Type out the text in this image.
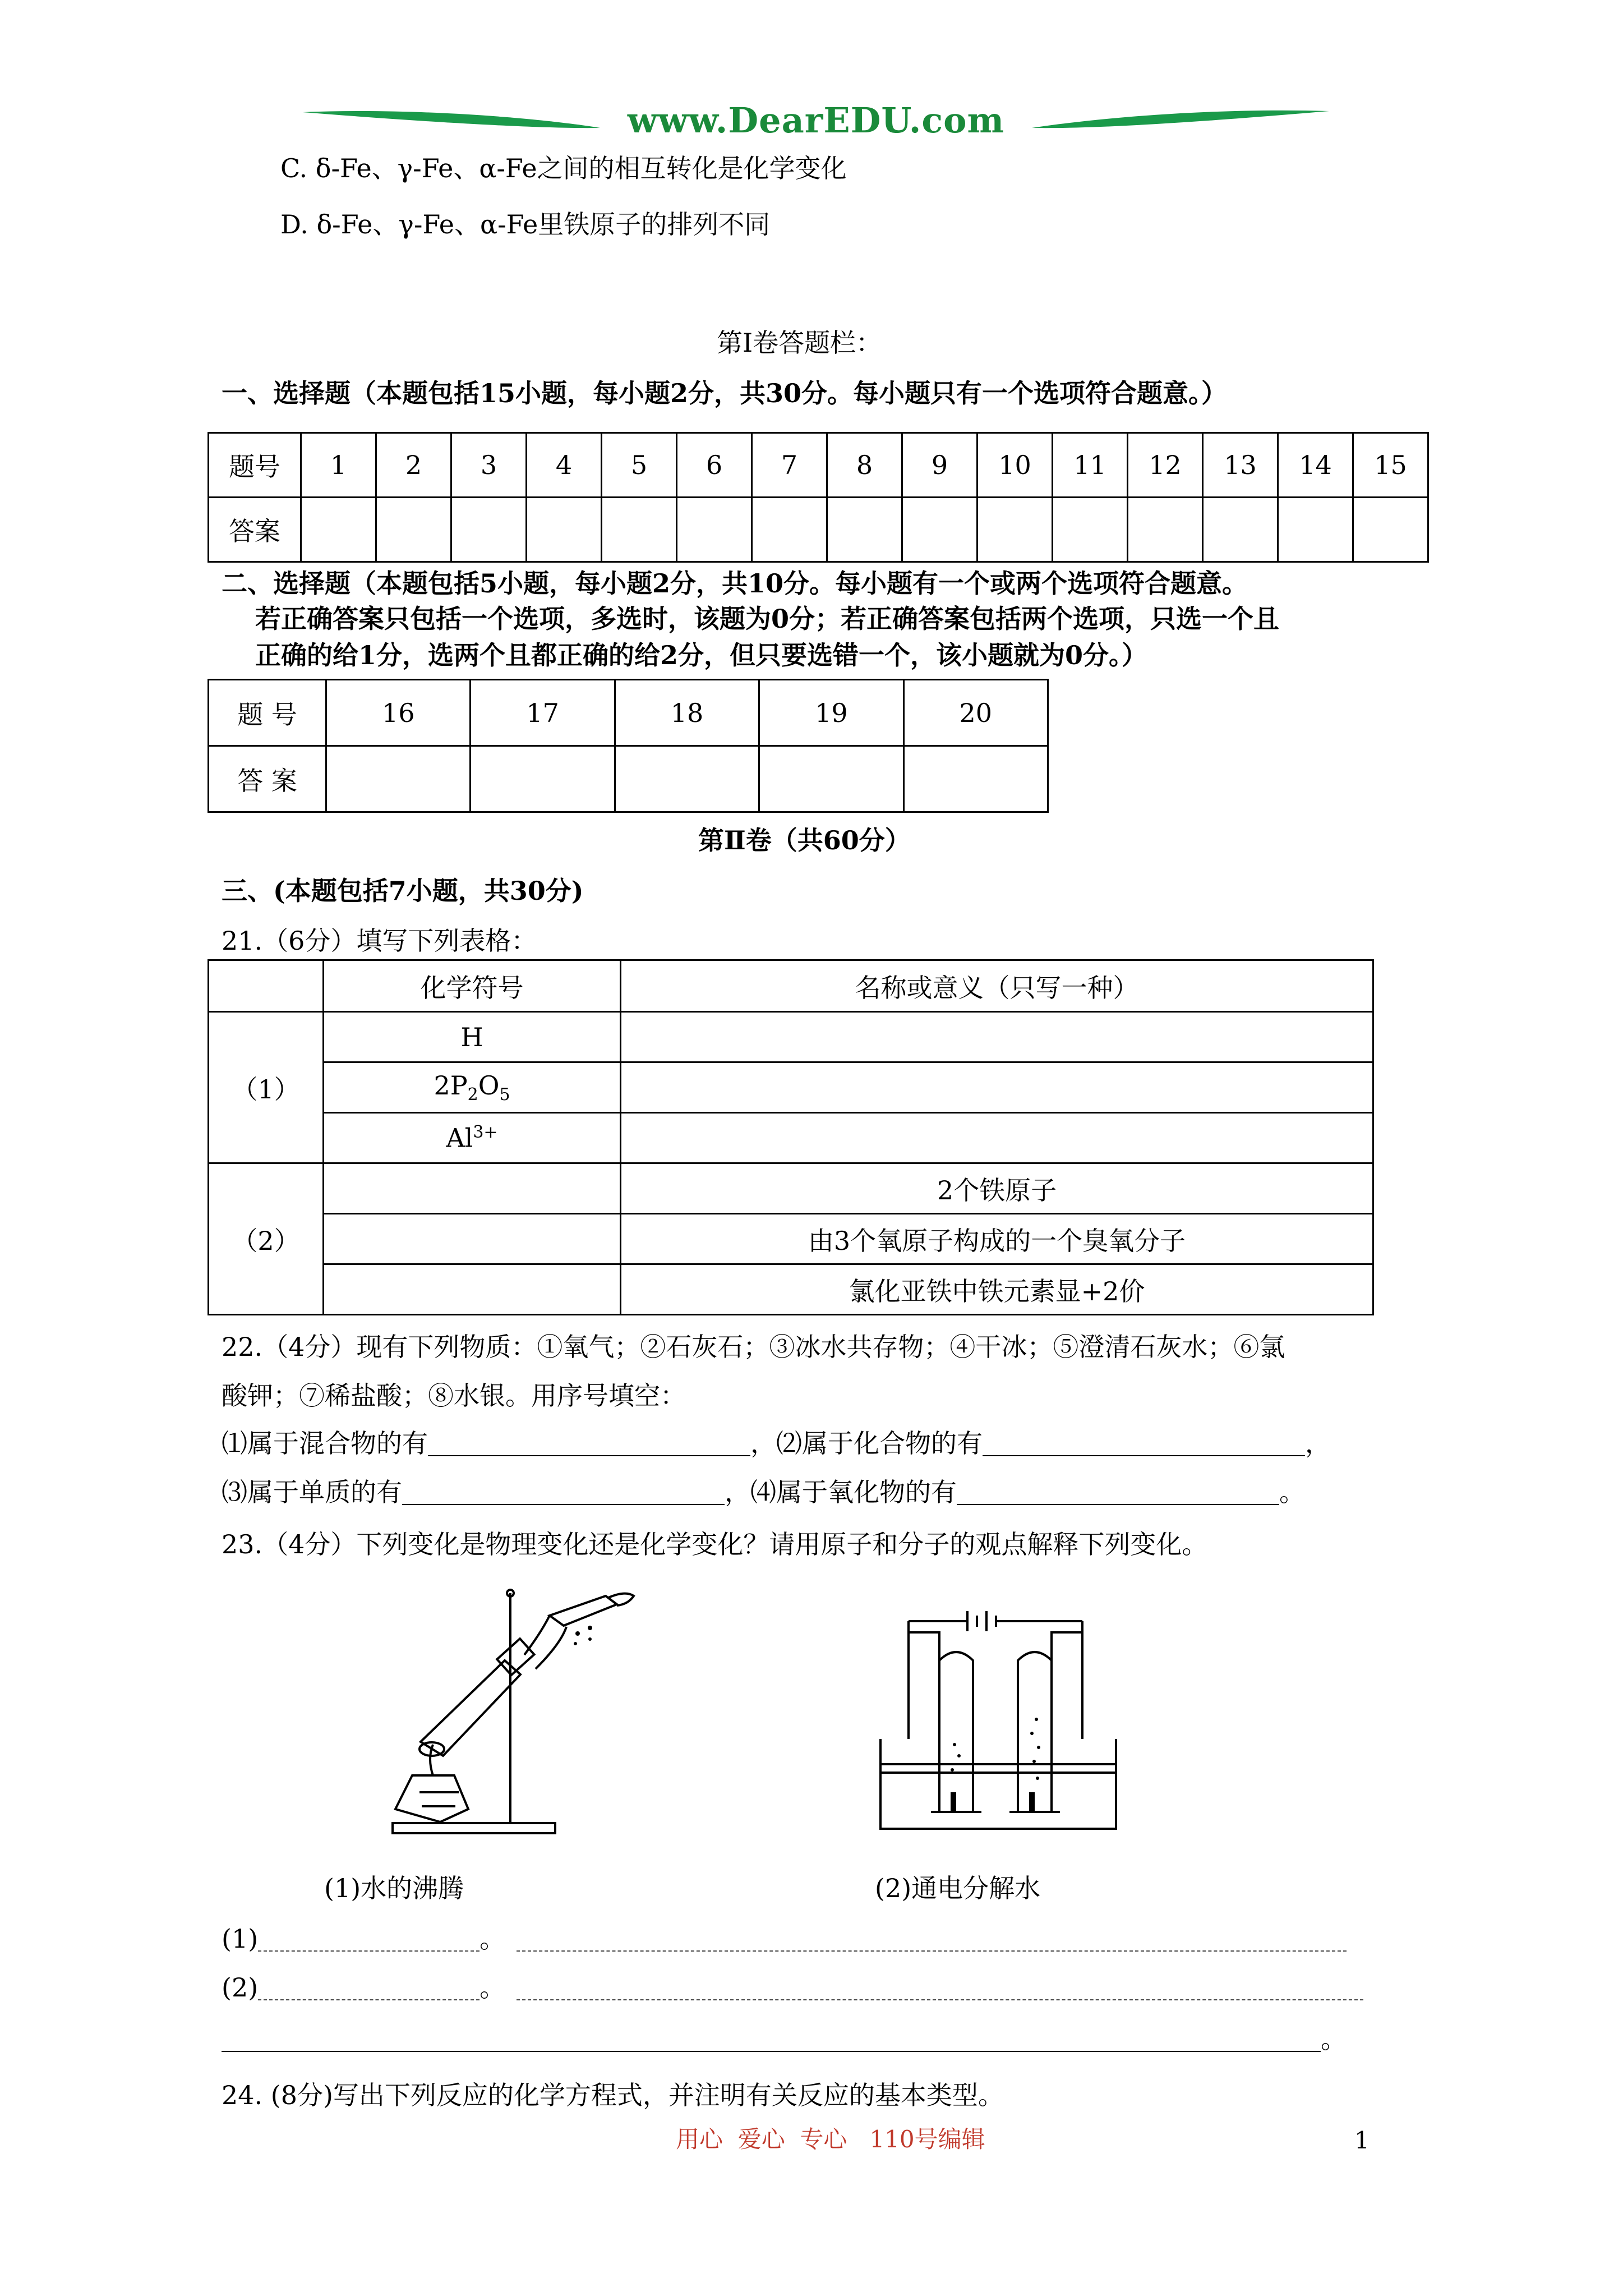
www.DearEDU.com
C. δ-Fe、γ-Fe、α-Fe之间的相互转化是化学变化
D. δ-Fe、γ-Fe、α-Fe里铁原子的排列不同
第Ⅰ卷答题栏：
一、选择题（本题包括15小题，每小题2分，共30分。每小题只有一个选项符合题意。）
题号	1	2	3	4	5	6	7	8	9	10	11	12	13	14	15
答案															
二、选择题（本题包括5小题，每小题2分，共10分。每小题有一个或两个选项符合题意。
若正确答案只包括一个选项，多选时，该题为0分；若正确答案包括两个选项，只选一个且
正确的给1分，选两个且都正确的给2分，但只要选错一个，该小题就为0分。）
题 号	16	17	18	19	20
答 案					
第Ⅱ卷（共60分）
三、(本题包括7小题，共30分)
21.（6分）填写下列表格：
	化学符号	名称或意义（只写一种）
（1）	H	
	$2P_2O_5$	
	$Al^{3+}$	
（2）		2个铁原子
		由3个氧原子构成的一个臭氧分子
		氯化亚铁中铁元素显+2价
22.（4分）现有下列物质：①氧气；②石灰石；③冰水共存物；④干冰；⑤澄清石灰水；⑥氯
酸钾；⑦稀盐酸；⑧水银。用序号填空：
⑴属于混合物的有	，⑵属于化合物的有	，
⑶属于单质的有	，⑷属于氧化物的有	。
23.（4分）下列变化是物理变化还是化学变化？请用原子和分子的观点解释下列变化。
(1)水的沸腾	(2)通电分解水
(1)	。
(2)	。
。
24. (8分)写出下列反应的化学方程式，并注明有关反应的基本类型。
用心  爱心  专心   110号编辑	1
